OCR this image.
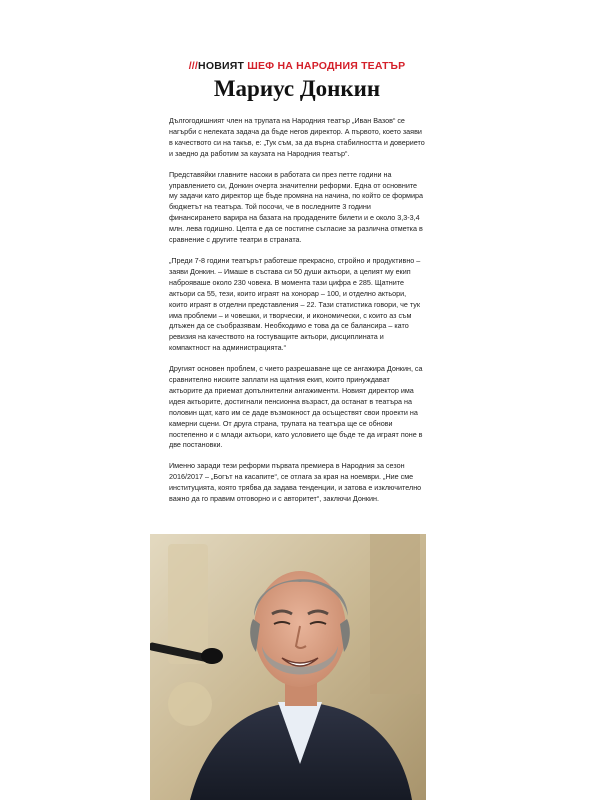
///НОВИЯТ ШЕФ НА НАРОДНИЯ ТЕАТЪР
Мариус Донкин

Дългогодишният член на трупата на Народния театър „Иван Вазов“ се нагърби с нелеката задача да бъде негов директор. А първото, което заяви в качеството си на такъв, е: „Тук съм, за да върна стабилността и доверието и заедно да работим за каузата на Народния театър“.

Представяйки главните насоки в работата си през петте години на управлението си, Донкин очерта значителни реформи. Една от основните му задачи като директор ще бъде промяна на начина, по който се формира бюджетът на театъра. Той посочи, че в последните 3 години финансирането варира на базата на продадените билети и е около 3,3-3,4 млн. лева годишно. Целта е да се постигне съгласие за различна отметка в сравнение с другите театри в страната.

„Преди 7-8 години театърът работеше прекрасно, стройно и продуктивно – заяви Донкин. – Имаше в състава си 50 души актьори, а целият му екип наброяваше около 230 човека. В момента тази цифра е 285. Щатните актьори са 55, тези, които играят на хонорар – 100, и отделно актьори, които играят в отделни представления – 22. Тази статистика говори, че тук има проблеми – и човешки, и творчески, и икономически, с които аз съм длъжен да се съобразявам. Необходимо е това да се балансира – като ревизия на качеството на гостуващите актьори, дисциплината и компактност на администрацията.“

Другият основен проблем, с чието разрешаване ще се ангажира Донкин, са сравнително ниските заплати на щатния екип, които принуждават актьорите да приемат допълнителни ангажименти. Новият директор има идея актьорите, достигнали пенсионна възраст, да останат в театъра на половин щат, като им се даде възможност да осъществят свои проекти на камерни сцени. От друга страна, трупата на театъра ще се обнови постепенно и с млади актьори, като условието ще бъде те да играят поне в две постановки.

Именно заради тези реформи първата премиера в Народния за сезон 2016/2017 – „Богът на касапите“, се отлага за края на ноември. „Ние сме институцията, която трябва да задава тенденции, и затова е изключително важно да го правим отговорно и с авторитет“, заключи Донкин.
